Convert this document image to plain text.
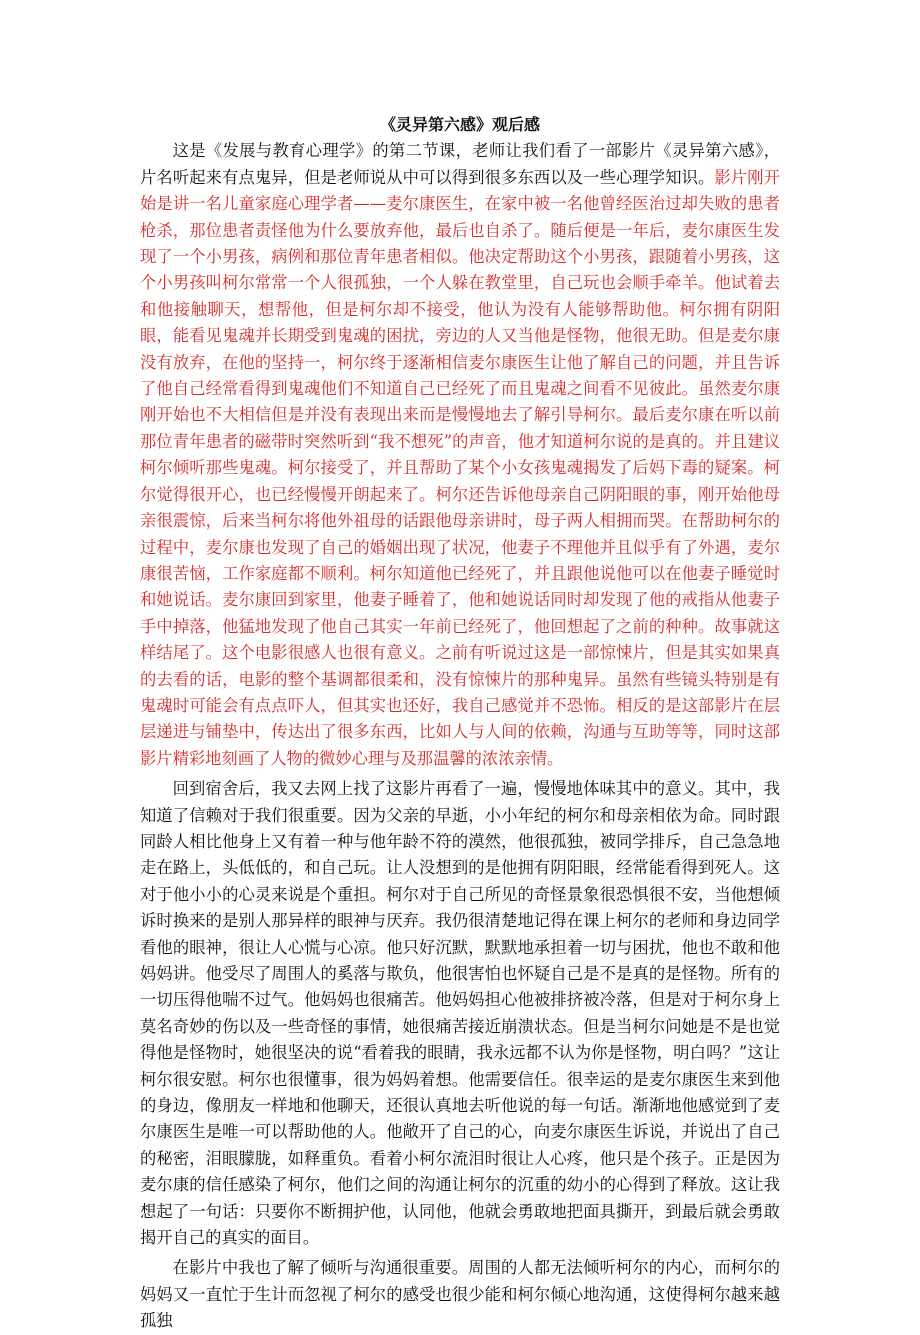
《灵异第六感》观后感

这是《发展与教育心理学》的第二节课，老师让我们看了一部影片《灵异第六感》，片名听起来有点鬼异，但是老师说从中可以得到很多东西以及一些心理学知识。影片刚开始是讲一名儿童家庭心理学者——麦尔康医生，在家中被一名他曾经医治过却失败的患者枪杀，那位患者责怪他为什么要放弃他，最后也自杀了。随后便是一年后，麦尔康医生发现了一个小男孩，病例和那位青年患者相似。他决定帮助这个小男孩，跟随着小男孩，这个小男孩叫柯尔常常一个人很孤独，一个人躲在教堂里，自己玩也会顺手牵羊。他试着去和他接触聊天，想帮他，但是柯尔却不接受，他认为没有人能够帮助他。柯尔拥有阴阳眼，能看见鬼魂并长期受到鬼魂的困扰，旁边的人又当他是怪物，他很无助。但是麦尔康没有放弃，在他的坚持一，柯尔终于逐渐相信麦尔康医生让他了解自己的问题，并且告诉了他自己经常看得到鬼魂他们不知道自己已经死了而且鬼魂之间看不见彼此。虽然麦尔康刚开始也不大相信但是并没有表现出来而是慢慢地去了解引导柯尔。最后麦尔康在听以前那位青年患者的磁带时突然听到“我不想死”的声音，他才知道柯尔说的是真的。并且建议柯尔倾听那些鬼魂。柯尔接受了，并且帮助了某个小女孩鬼魂揭发了后妈下毒的疑案。柯尔觉得很开心，也已经慢慢开朗起来了。柯尔还告诉他母亲自己阴阳眼的事，刚开始他母亲很震惊，后来当柯尔将他外祖母的话跟他母亲讲时，母子两人相拥而哭。在帮助柯尔的过程中，麦尔康也发现了自己的婚姻出现了状况，他妻子不理他并且似乎有了外遇，麦尔康很苦恼，工作家庭都不顺利。柯尔知道他已经死了，并且跟他说他可以在他妻子睡觉时和她说话。麦尔康回到家里，他妻子睡着了，他和她说话同时却发现了他的戒指从他妻子手中掉落，他猛地发现了他自己其实一年前已经死了，他回想起了之前的种种。故事就这样结尾了。这个电影很感人也很有意义。之前有听说过这是一部惊悚片，但是其实如果真的去看的话，电影的整个基调都很柔和，没有惊悚片的那种鬼异。虽然有些镜头特别是有鬼魂时可能会有点点吓人，但其实也还好，我自己感觉并不恐怖。相反的是这部影片在层层递进与铺垫中，传达出了很多东西，比如人与人间的依赖，沟通与互助等等，同时这部影片精彩地刻画了人物的微妙心理与及那温馨的浓浓亲情。

回到宿舍后，我又去网上找了这影片再看了一遍，慢慢地体味其中的意义。其中，我知道了信赖对于我们很重要。因为父亲的早逝，小小年纪的柯尔和母亲相依为命。同时跟同龄人相比他身上又有着一种与他年龄不符的漠然，他很孤独，被同学排斥，自己急急地走在路上，头低低的，和自己玩。让人没想到的是他拥有阴阳眼，经常能看得到死人。这对于他小小的心灵来说是个重担。柯尔对于自己所见的奇怪景象很恐惧很不安，当他想倾诉时换来的是别人那异样的眼神与厌弃。我仍很清楚地记得在课上柯尔的老师和身边同学看他的眼神，很让人心慌与心凉。他只好沉默，默默地承担着一切与困扰，他也不敢和他妈妈讲。他受尽了周围人的奚落与欺负，他很害怕也怀疑自己是不是真的是怪物。所有的一切压得他喘不过气。他妈妈也很痛苦。他妈妈担心他被排挤被冷落，但是对于柯尔身上莫名奇妙的伤以及一些奇怪的事情，她很痛苦接近崩溃状态。但是当柯尔问她是不是也觉得他是怪物时，她很坚决的说“看着我的眼睛，我永远都不认为你是怪物，明白吗？”这让柯尔很安慰。柯尔也很懂事，很为妈妈着想。他需要信任。很幸运的是麦尔康医生来到他的身边，像朋友一样地和他聊天，还很认真地去听他说的每一句话。渐渐地他感觉到了麦尔康医生是唯一可以帮助他的人。他敞开了自己的心，向麦尔康医生诉说，并说出了自己的秘密，泪眼朦胧，如释重负。看着小柯尔流泪时很让人心疼，他只是个孩子。正是因为麦尔康的信任感染了柯尔，他们之间的沟通让柯尔的沉重的幼小的心得到了释放。这让我想起了一句话：只要你不断拥护他，认同他，他就会勇敢地把面具撕开，到最后就会勇敢揭开自己的真实的面目。

在影片中我也了解了倾听与沟通很重要。周围的人都无法倾听柯尔的内心，而柯尔的妈妈又一直忙于生计而忽视了柯尔的感受也很少能和柯尔倾心地沟通，这使得柯尔越来越孤独
